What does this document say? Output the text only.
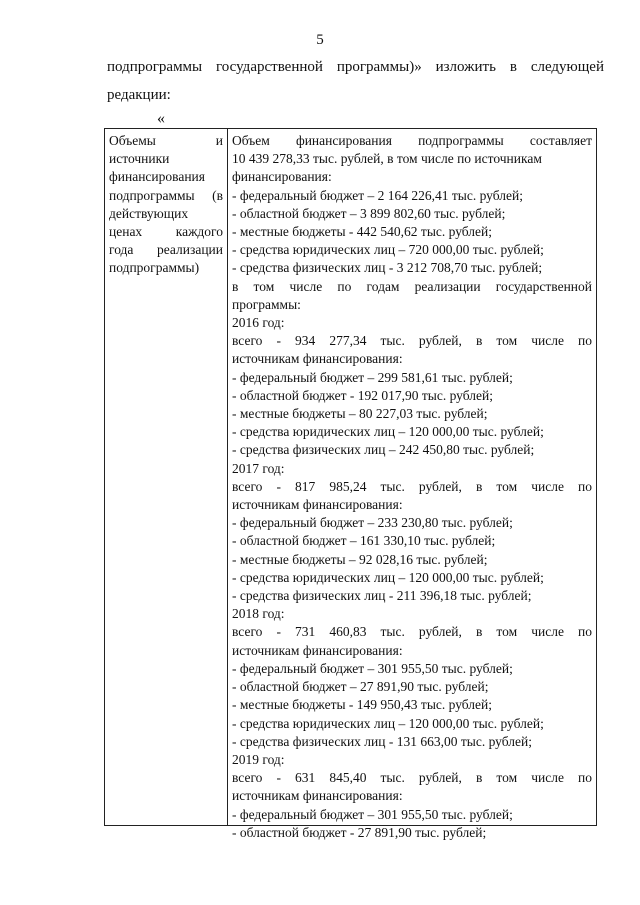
5
подпрограммы государственной программы)» изложить в следующей
редакции:
«
Объемы и
источники
финансирования
подпрограммы (в
действующих
ценах каждого
года реализации
подпрограммы)
Объем финансирования подпрограммы составляет
10 439 278,33 тыс. рублей, в том числе по источникам
финансирования:
- федеральный бюджет – 2 164 226,41 тыс. рублей;
- областной бюджет – 3 899 802,60 тыс. рублей;
- местные бюджеты - 442 540,62 тыс. рублей;
- средства юридических лиц – 720 000,00 тыс. рублей;
- средства физических лиц - 3 212 708,70 тыс. рублей;
в том числе по годам реализации государственной
программы:
2016 год:
всего - 934 277,34 тыс. рублей, в том числе по
источникам финансирования:
- федеральный бюджет – 299 581,61 тыс. рублей;
- областной бюджет - 192 017,90 тыс. рублей;
- местные бюджеты – 80 227,03 тыс. рублей;
- средства юридических лиц – 120 000,00 тыс. рублей;
- средства физических лиц – 242 450,80 тыс. рублей;
2017 год:
всего - 817 985,24 тыс. рублей, в том числе по
источникам финансирования:
- федеральный бюджет – 233 230,80 тыс. рублей;
- областной бюджет – 161 330,10 тыс. рублей;
- местные бюджеты – 92 028,16 тыс. рублей;
- средства юридических лиц – 120 000,00 тыс. рублей;
- средства физических лиц - 211 396,18 тыс. рублей;
2018 год:
всего - 731 460,83 тыс. рублей, в том числе по
источникам финансирования:
- федеральный бюджет – 301 955,50 тыс. рублей;
- областной бюджет – 27 891,90 тыс. рублей;
- местные бюджеты - 149 950,43 тыс. рублей;
- средства юридических лиц – 120 000,00 тыс. рублей;
- средства физических лиц - 131 663,00 тыс. рублей;
2019 год:
всего - 631 845,40 тыс. рублей, в том числе по
источникам финансирования:
- федеральный бюджет – 301 955,50 тыс. рублей;
- областной бюджет - 27 891,90 тыс. рублей;
